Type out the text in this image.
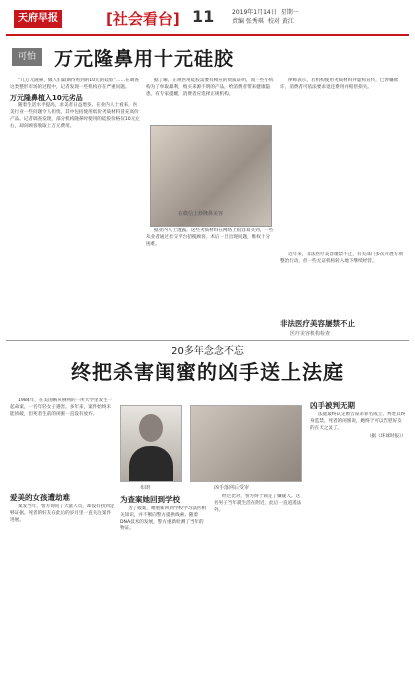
天府早报	[社会看台] 11	2019年1月14日 星期一
责编 张秀琪 校对 黄江
可怕 万元隆鼻用十元硅胶

“几万元隆鼻，做人们最期待看到的10元的硅胶”……在调查这类整形市场的过程中，记者发现一些机构存在严重问题。

万元隆鼻植入10元劣品

随着生活水平提高，求美者日益增多。在业内人士看来，医美行业一些问题令人担忧，其中包括使用低价劣质材料冒充高价产品。记者调查发现，部分机构隆鼻时使用的硅胶价格仅10元左右，却向顾客收取上万元费用。

据了解，正规医用硅胶需要有相应的资质证明，而一些小机构为了牟取暴利，购买来源不明的产品，给消费者带来健康隐患。有专家提醒，消费者应选择正规机构。

在微信上炒隆鼻美容

据业内人士透露，这些劣质材料在网络上很容易买到，一些从业者通过社交平台招揽顾客，术后一旦出现问题，维权十分困难。

律师表示，若机构使用劣质材料并虚构宣传，已涉嫌欺诈，消费者可依法要求退还费用并赔偿损失。

非法医疗美容屡禁不止
医疗美容机构检查

近年来，非法医疗美容屡禁不止，有关部门多次开展专项整治行动，但一些无证机构转入地下继续经营。

20多年念念不忘
终把杀害闺蜜的凶手送上法庭

1984年，在美国俄亥俄州的一所大学里发生一起命案，一名年轻女子遇害。多年来，案件始终未能侦破，但死者生前的闺蜜一直没有放弃。

爱美的女孩遭劫难

案发当年，警方询问了大量人员，却没有找到足够证据。死者的好友在此后的岁月里一直关注案件进展。

布朗	凶手落网后受审
为查案她回到学校

为了破案，她重新回到学校学习法医相关知识，并不断向警方提供线索。随着DNA技术的发展，警方重新检测了当年的物证。

经过比对，警方终于锁定了嫌疑人。这名男子当年就生活在附近，此后一直逍遥法外。

凶手被判无期

法庭最终认定被告谋杀罪名成立，判处其终身监禁。死者的闺蜜说，她终于可以告慰好友的在天之灵了。

（据《环球时报》）
